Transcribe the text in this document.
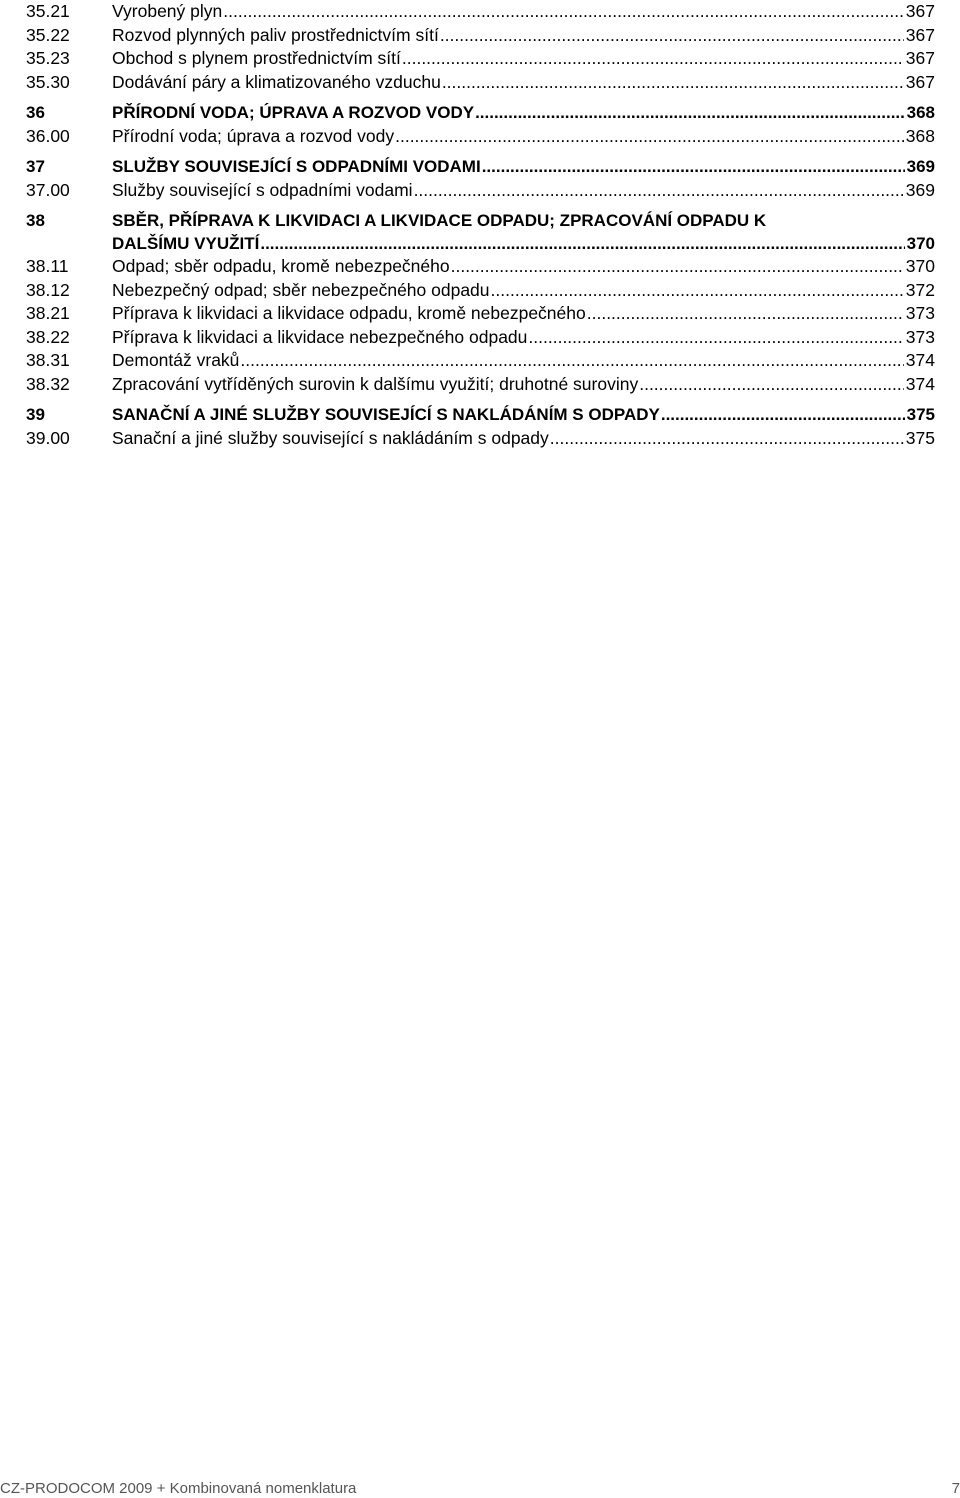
35.21 Vyrobený plyn .....	367
35.22 Rozvod plynných paliv prostřednictvím sítí .....	367
35.23 Obchod s plynem prostřednictvím sítí .....	367
35.30 Dodávání páry a klimatizovaného vzduchu .....	367
36	PŘÍRODNÍ VODA; ÚPRAVA A ROZVOD VODY .....	368
36.00 Přírodní voda; úprava a rozvod vody .....	368
37	SLUŽBY SOUVISEJÍCÍ S ODPADNÍMI VODAMI .....	369
37.00 Služby související s odpadními vodami .....	369
38	SBĚR, PŘÍPRAVA K LIKVIDACI A LIKVIDACE ODPADU; ZPRACOVÁNÍ ODPADU K
DALŠÍMU VYUŽITÍ .....	370
38.11 Odpad; sběr odpadu, kromě nebezpečného .....	370
38.12 Nebezpečný odpad; sběr nebezpečného odpadu .....	372
38.21 Příprava k likvidaci a likvidace odpadu, kromě nebezpečného .....	373
38.22 Příprava k likvidaci a likvidace nebezpečného odpadu .....	373
38.31 Demontáž vraků .....	374
38.32 Zpracování vytříděných surovin k dalšímu využití; druhotné suroviny .....	374
39	SANAČNÍ A JINÉ SLUŽBY SOUVISEJÍCÍ S NAKLÁDÁNÍM S ODPADY .....	375
39.00 Sanační a jiné služby související s nakládáním s odpady .....	375
CZ-PRODOCOM 2009 + Kombinovaná nomenklatura	7
